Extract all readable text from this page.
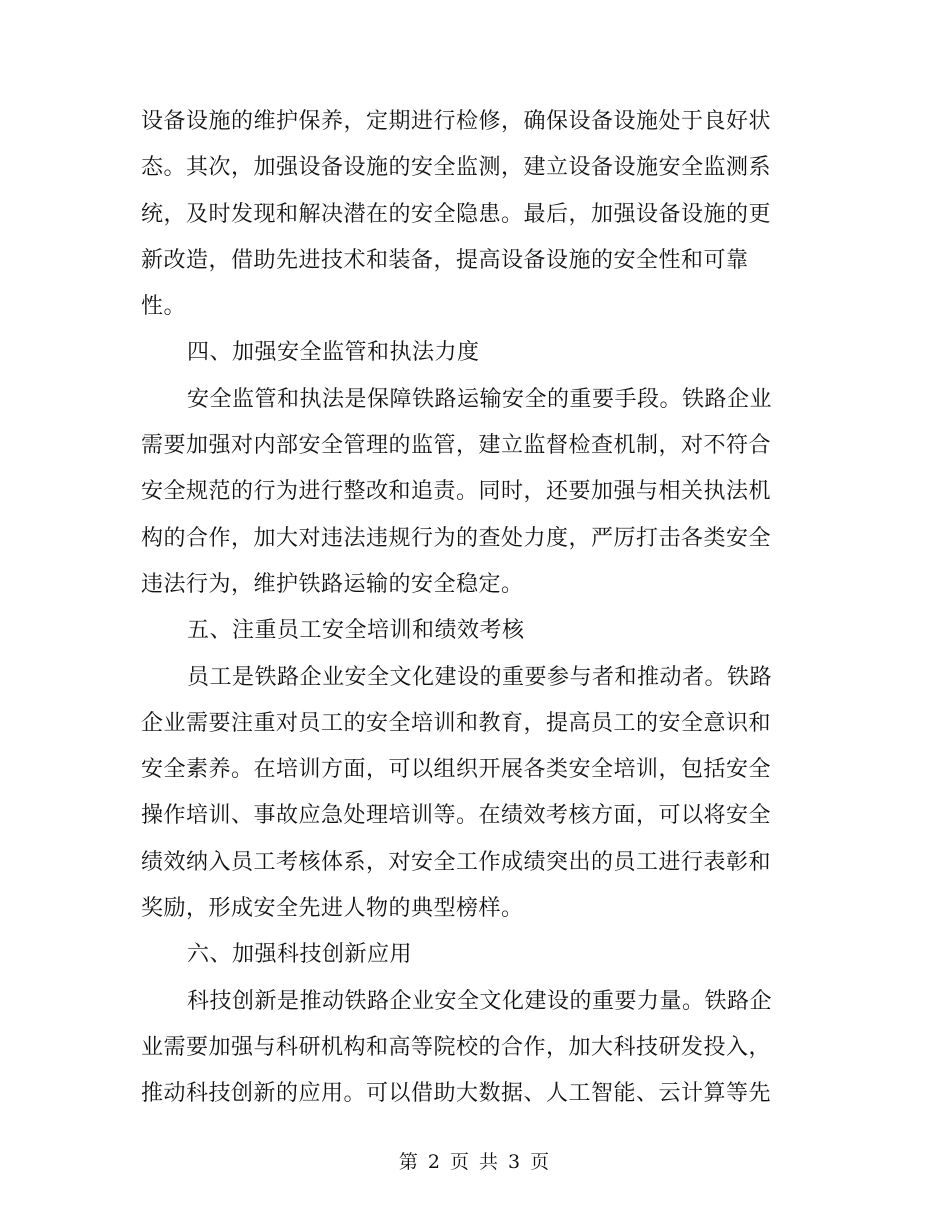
设备设施的维护保养，定期进行检修，确保设备设施处于良好状
态。其次，加强设备设施的安全监测，建立设备设施安全监测系
统，及时发现和解决潜在的安全隐患。最后，加强设备设施的更
新改造，借助先进技术和装备，提高设备设施的安全性和可靠
性。
四、加强安全监管和执法力度
安全监管和执法是保障铁路运输安全的重要手段。铁路企业
需要加强对内部安全管理的监管，建立监督检查机制，对不符合
安全规范的行为进行整改和追责。同时，还要加强与相关执法机
构的合作，加大对违法违规行为的查处力度，严厉打击各类安全
违法行为，维护铁路运输的安全稳定。
五、注重员工安全培训和绩效考核
员工是铁路企业安全文化建设的重要参与者和推动者。铁路
企业需要注重对员工的安全培训和教育，提高员工的安全意识和
安全素养。在培训方面，可以组织开展各类安全培训，包括安全
操作培训、事故应急处理培训等。在绩效考核方面，可以将安全
绩效纳入员工考核体系，对安全工作成绩突出的员工进行表彰和
奖励，形成安全先进人物的典型榜样。
六、加强科技创新应用
科技创新是推动铁路企业安全文化建设的重要力量。铁路企
业需要加强与科研机构和高等院校的合作，加大科技研发投入，
推动科技创新的应用。可以借助大数据、人工智能、云计算等先
第 2 页 共 3 页
